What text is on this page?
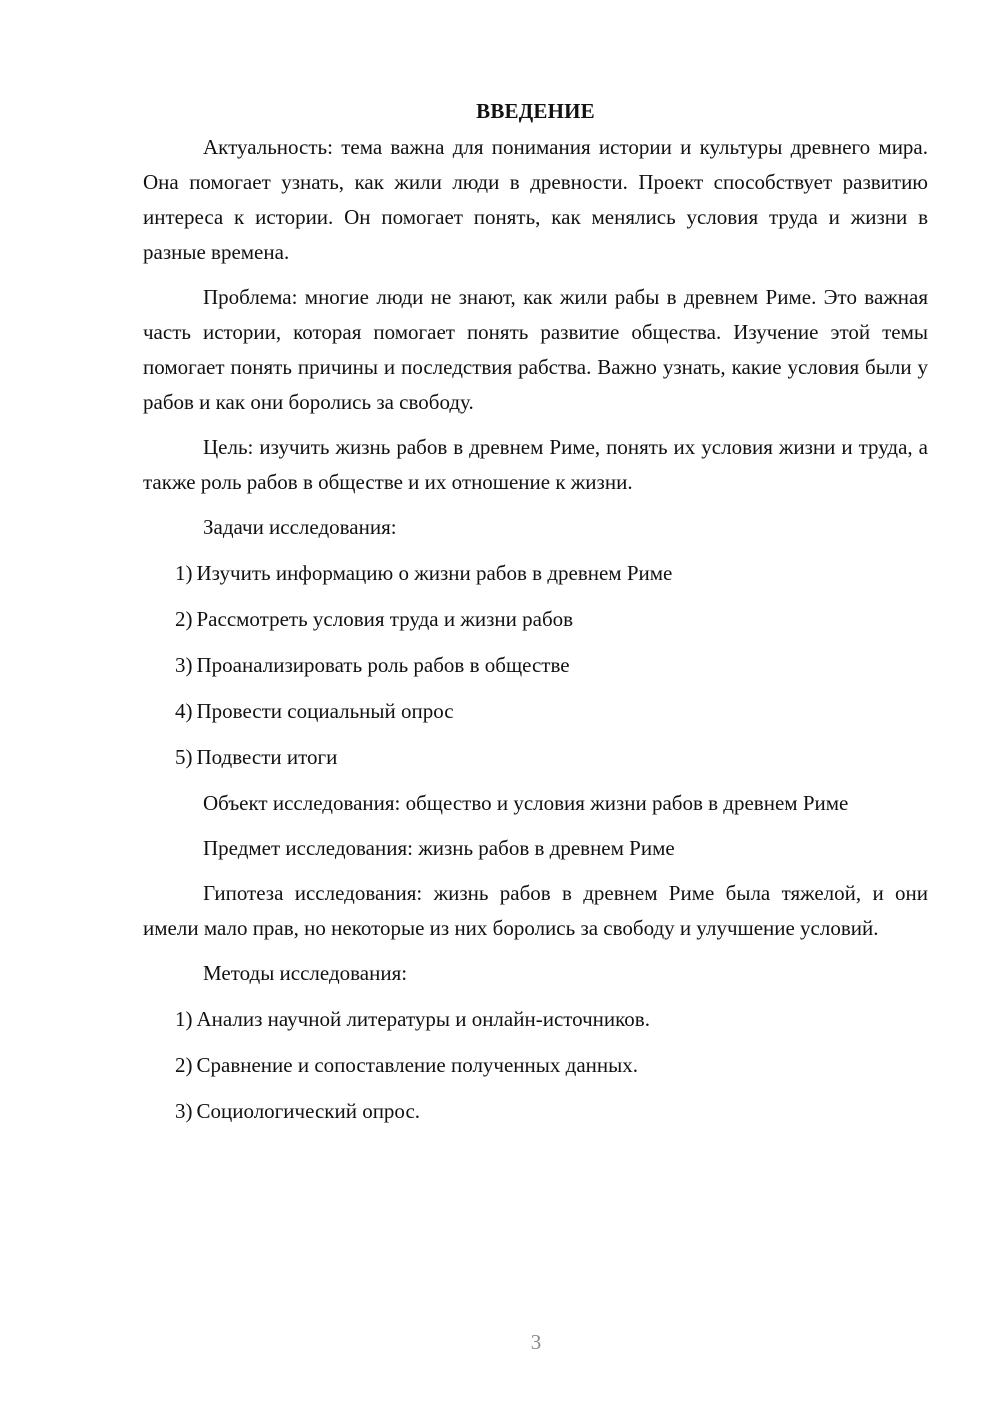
ВВЕДЕНИЕ

Актуальность: тема важна для понимания истории и культуры древнего мира. Она помогает узнать, как жили люди в древности. Проект способствует развитию интереса к истории. Он помогает понять, как менялись условия труда и жизни в разные времена.

Проблема: многие люди не знают, как жили рабы в древнем Риме. Это важная часть истории, которая помогает понять развитие общества. Изучение этой темы помогает понять причины и последствия рабства. Важно узнать, какие условия были у рабов и как они боролись за свободу.

Цель: изучить жизнь рабов в древнем Риме, понять их условия жизни и труда, а также роль рабов в обществе и их отношение к жизни.

Задачи исследования:
1) Изучить информацию о жизни рабов в древнем Риме
2) Рассмотреть условия труда и жизни рабов
3) Проанализировать роль рабов в обществе
4) Провести социальный опрос
5) Подвести итоги

Объект исследования: общество и условия жизни рабов в древнем Риме

Предмет исследования: жизнь рабов в древнем Риме

Гипотеза исследования: жизнь рабов в древнем Риме была тяжелой, и они имели мало прав, но некоторые из них боролись за свободу и улучшение условий.

Методы исследования:
1) Анализ научной литературы и онлайн-источников.
2) Сравнение и сопоставление полученных данных.
3) Социологический опрос.
3
